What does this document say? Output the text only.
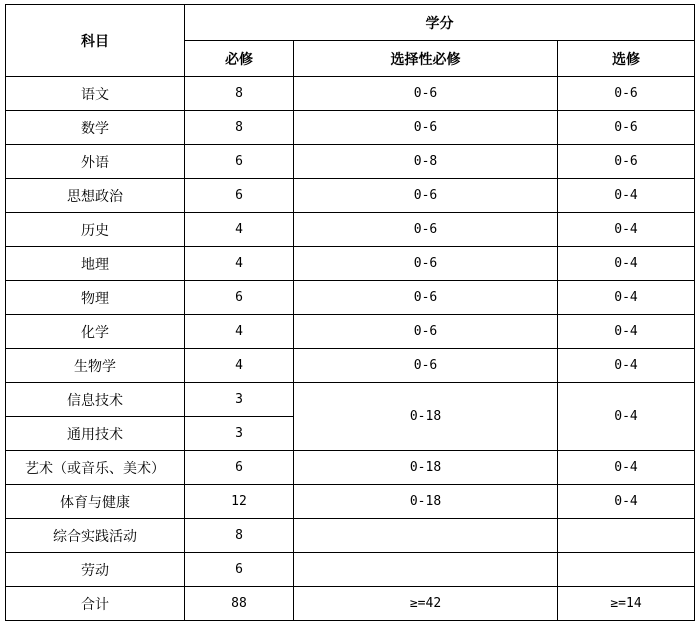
科目	学分		
	必修	选择性必修	选修
语文	8	0-6	0-6
数学	8	0-6	0-6
外语	6	0-8	0-6
思想政治	6	0-6	0-4
历史	4	0-6	0-4
地理	4	0-6	0-4
物理	6	0-6	0-4
化学	4	0-6	0-4
生物学	4	0-6	0-4
信息技术	3	0-18	0-4
通用技术	3		
艺术（或音乐、美术）	6	0-18	0-4
体育与健康	12	0-18	0-4
综合实践活动	8		
劳动	6		
合计	88	≥=42	≥=14
